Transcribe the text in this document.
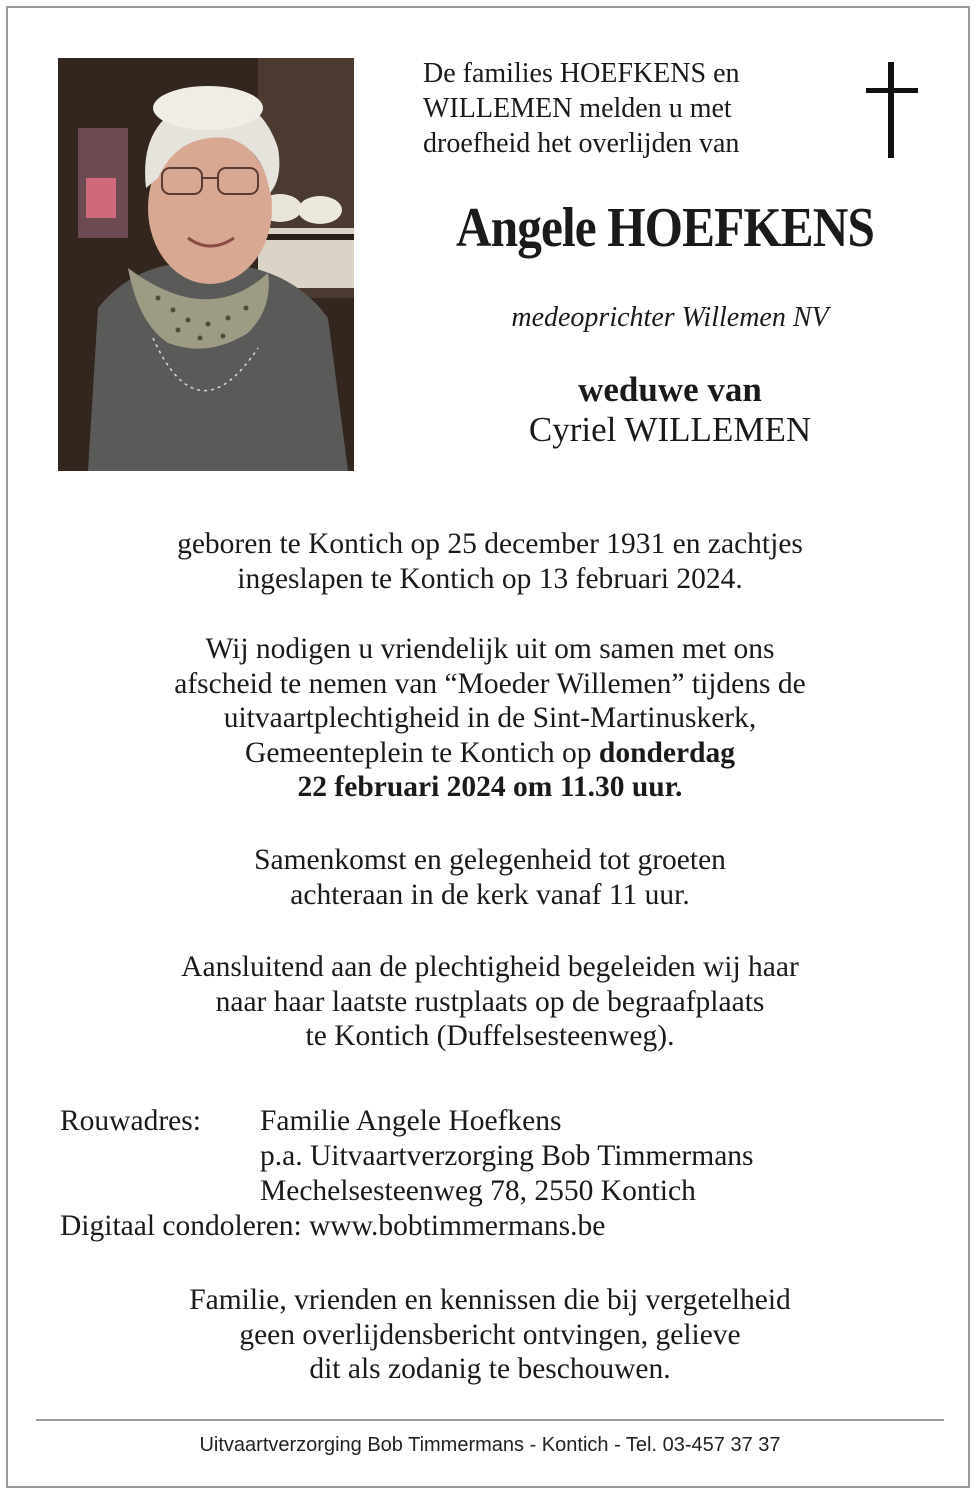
De families HOEFKENS en
WILLEMEN melden u met
droefheid het overlijden van
Angele HOEFKENS
medeoprichter Willemen NV
weduwe van
Cyriel WILLEMEN
geboren te Kontich op 25 december 1931 en zachtjes
ingeslapen te Kontich op 13 februari 2024.
Wij nodigen u vriendelijk uit om samen met ons
afscheid te nemen van “Moeder Willemen” tijdens de
uitvaartplechtigheid in de Sint-Martinuskerk,
Gemeenteplein te Kontich op donderdag
22 februari 2024 om 11.30 uur.
Samenkomst en gelegenheid tot groeten
achteraan in de kerk vanaf 11 uur.
Aansluitend aan de plechtigheid begeleiden wij haar
naar haar laatste rustplaats op de begraafplaats
te Kontich (Duffelsesteenweg).
Rouwadres:	Familie Angele Hoefkens
p.a. Uitvaartverzorging Bob Timmermans
Mechelsesteenweg 78, 2550 Kontich
Digitaal condoleren: www.bobtimmermans.be
Familie, vrienden en kennissen die bij vergetelheid
geen overlijdensbericht ontvingen, gelieve
dit als zodanig te beschouwen.
Uitvaartverzorging Bob Timmermans - Kontich - Tel. 03-457 37 37
